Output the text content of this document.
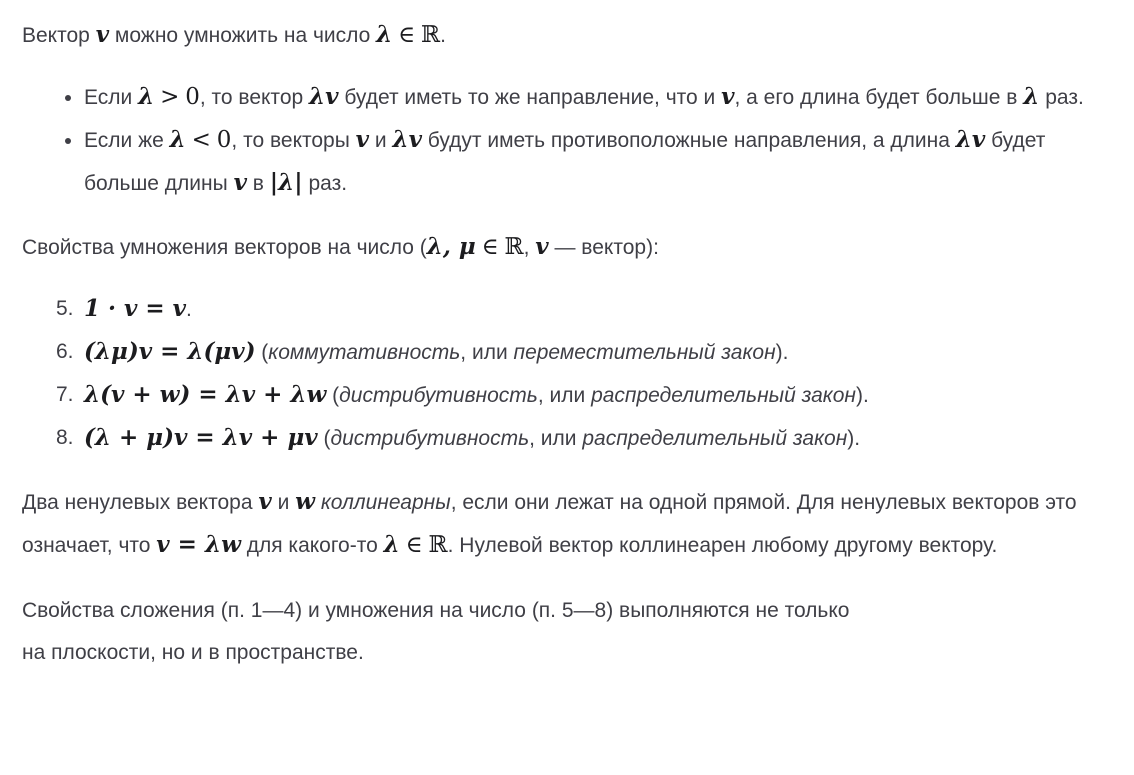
Вектор v можно умножить на число λ ∈ ℝ.

• Если λ > 0, то вектор λv будет иметь то же направление, что и v, а его длина будет больше в λ раз.
• Если же λ < 0, то векторы v и λv будут иметь противоположные направления, а длина λv будет больше длины v в |λ| раз.

Свойства умножения векторов на число (λ, μ ∈ ℝ, v — вектор):

5. 1 · v = v.
6. (λμ)v = λ(μv) (коммутативность, или переместительный закон).
7. λ(v + w) = λv + λw (дистрибутивность, или распределительный закон).
8. (λ + μ)v = λv + μv (дистрибутивность, или распределительный закон).

Два ненулевых вектора v и w коллинеарны, если они лежат на одной прямой. Для ненулевых векторов это означает, что v = λw для какого-то λ ∈ ℝ. Нулевой вектор коллинеарен любому другому вектору.

Свойства сложения (п. 1—4) и умножения на число (п. 5—8) выполняются не только
на плоскости, но и в пространстве.
